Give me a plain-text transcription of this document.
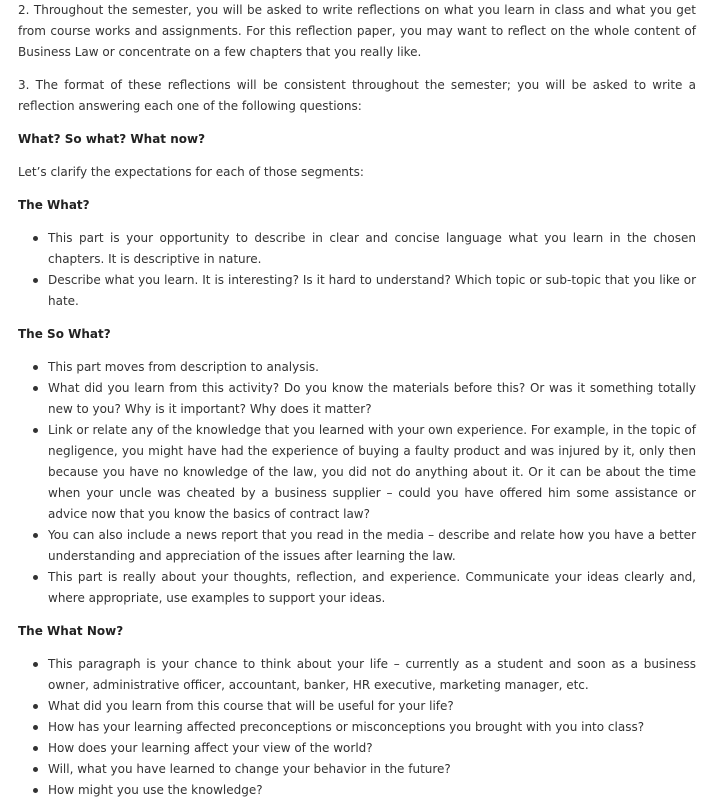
2. Throughout the semester, you will be asked to write reflections on what you learn in class and what you get from course works and assignments. For this reflection paper, you may want to reflect on the whole content of Business Law or concentrate on a few chapters that you really like.

3. The format of these reflections will be consistent throughout the semester; you will be asked to write a reflection answering each one of the following questions:

What? So what? What now?

Let’s clarify the expectations for each of those segments:

The What?

This part is your opportunity to describe in clear and concise language what you learn in the chosen chapters. It is descriptive in nature.
Describe what you learn. It is interesting? Is it hard to understand? Which topic or sub-topic that you like or hate.

The So What?

This part moves from description to analysis.
What did you learn from this activity? Do you know the materials before this? Or was it something totally new to you? Why is it important? Why does it matter?
Link or relate any of the knowledge that you learned with your own experience. For example, in the topic of negligence, you might have had the experience of buying a faulty product and was injured by it, only then because you have no knowledge of the law, you did not do anything about it. Or it can be about the time when your uncle was cheated by a business supplier – could you have offered him some assistance or advice now that you know the basics of contract law?
You can also include a news report that you read in the media – describe and relate how you have a better understanding and appreciation of the issues after learning the law.
This part is really about your thoughts, reflection, and experience. Communicate your ideas clearly and, where appropriate, use examples to support your ideas.

The What Now?

This paragraph is your chance to think about your life – currently as a student and soon as a business owner, administrative officer, accountant, banker, HR executive, marketing manager, etc.
What did you learn from this course that will be useful for your life?
How has your learning affected preconceptions or misconceptions you brought with you into class?
How does your learning affect your view of the world?
Will, what you have learned to change your behavior in the future?
How might you use the knowledge?
